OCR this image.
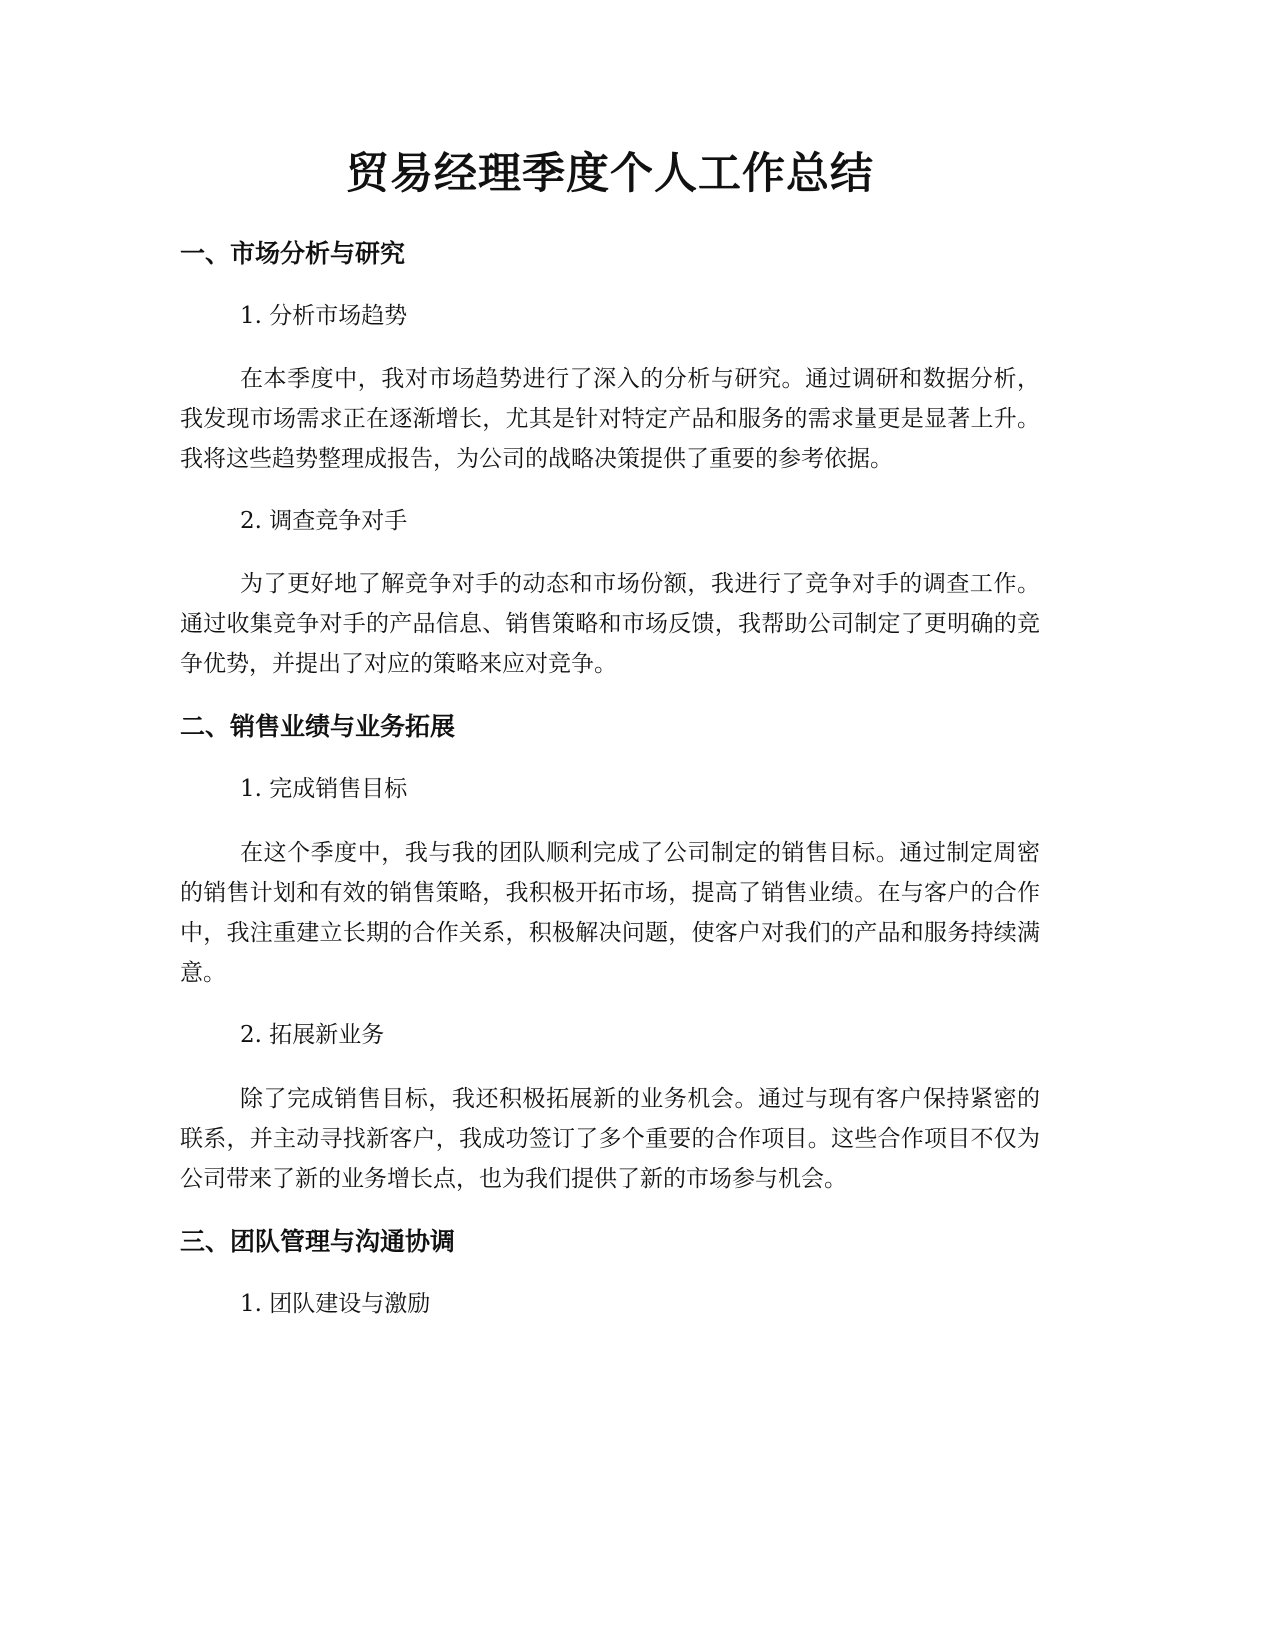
贸易经理季度个人工作总结
一、市场分析与研究
1. 分析市场趋势

在本季度中，我对市场趋势进行了深入的分析与研究。通过调研和数据分析，我发现市场需求正在逐渐增长，尤其是针对特定产品和服务的需求量更是显著上升。我将这些趋势整理成报告，为公司的战略决策提供了重要的参考依据。

2. 调查竞争对手

为了更好地了解竞争对手的动态和市场份额，我进行了竞争对手的调查工作。通过收集竞争对手的产品信息、销售策略和市场反馈，我帮助公司制定了更明确的竞争优势，并提出了对应的策略来应对竞争。

二、销售业绩与业务拓展
1. 完成销售目标

在这个季度中，我与我的团队顺利完成了公司制定的销售目标。通过制定周密的销售计划和有效的销售策略，我积极开拓市场，提高了销售业绩。在与客户的合作中，我注重建立长期的合作关系，积极解决问题，使客户对我们的产品和服务持续满意。

2. 拓展新业务

除了完成销售目标，我还积极拓展新的业务机会。通过与现有客户保持紧密的联系，并主动寻找新客户，我成功签订了多个重要的合作项目。这些合作项目不仅为公司带来了新的业务增长点，也为我们提供了新的市场参与机会。

三、团队管理与沟通协调
1. 团队建设与激励
